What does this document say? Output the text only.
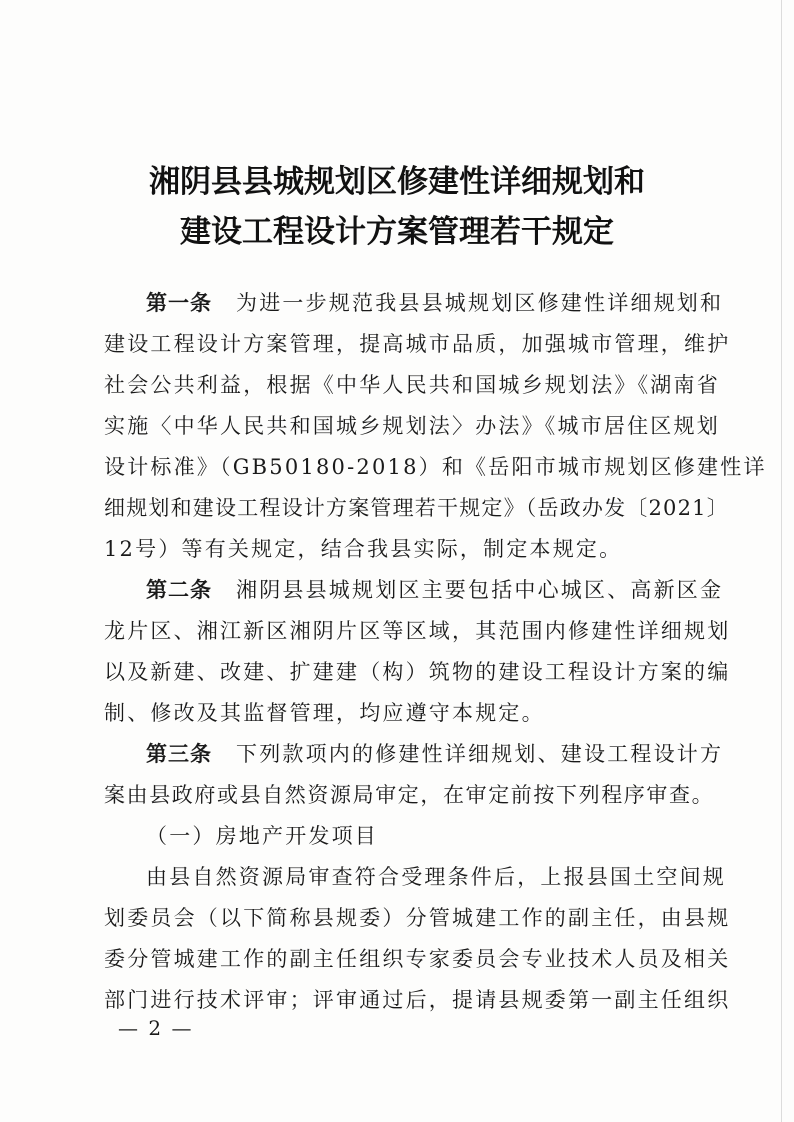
湘阴县县城规划区修建性详细规划和
建设工程设计方案管理若干规定
第一条 为进一步规范我县县城规划区修建性详细规划和
建设工程设计方案管理，提高城市品质，加强城市管理，维护
社会公共利益，根据《中华人民共和国城乡规划法》《湖南省
实施〈中华人民共和国城乡规划法〉办法》《城市居住区规划
设计标准》（GB50180-2018）和《岳阳市城市规划区修建性详
细规划和建设工程设计方案管理若干规定》（岳政办发〔2021〕
12号）等有关规定，结合我县实际，制定本规定。
第二条 湘阴县县城规划区主要包括中心城区、高新区金
龙片区、湘江新区湘阴片区等区域，其范围内修建性详细规划
以及新建、改建、扩建建（构）筑物的建设工程设计方案的编
制、修改及其监督管理，均应遵守本规定。
第三条 下列款项内的修建性详细规划、建设工程设计方
案由县政府或县自然资源局审定，在审定前按下列程序审查。
（一）房地产开发项目
由县自然资源局审查符合受理条件后，上报县国土空间规
划委员会（以下简称县规委）分管城建工作的副主任，由县规
委分管城建工作的副主任组织专家委员会专业技术人员及相关
部门进行技术评审；评审通过后，提请县规委第一副主任组织
— 2 —
